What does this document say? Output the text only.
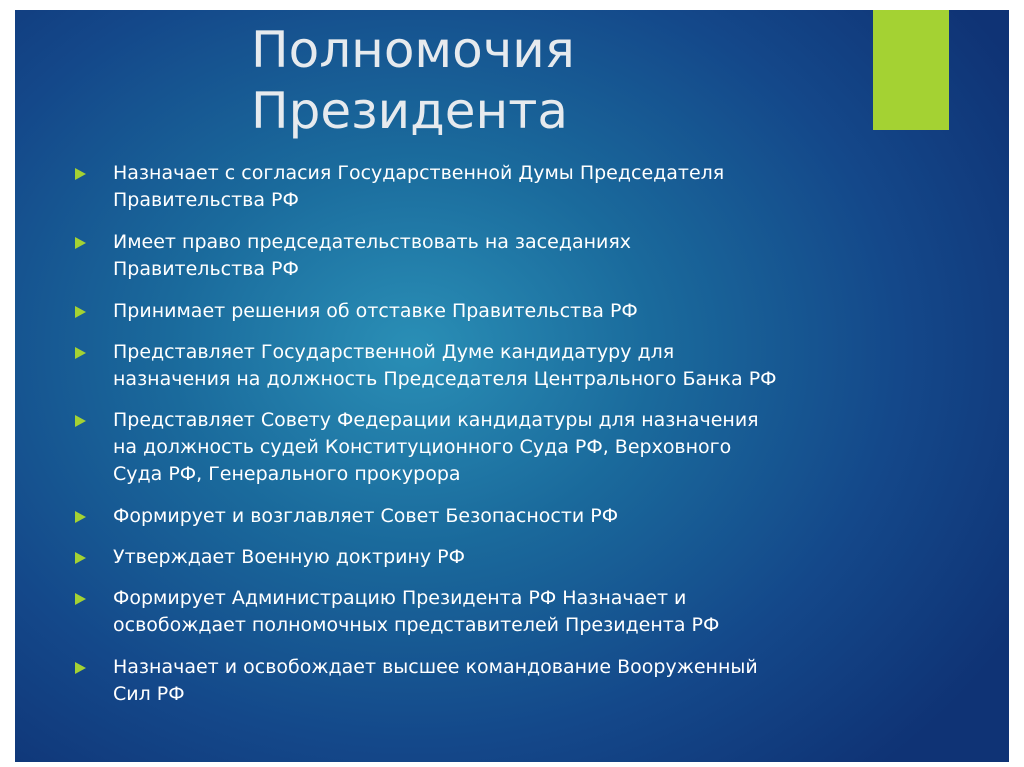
Полномочия
Президента
Назначает с согласия Государственной Думы Председателя
Правительства РФ
Имеет право председательствовать на заседаниях
Правительства РФ
Принимает решения об отставке Правительства РФ
Представляет Государственной Думе кандидатуру для
назначения на должность Председателя Центрального Банка РФ
Представляет Совету Федерации кандидатуры для назначения
на должность судей Конституционного Суда РФ, Верховного
Суда РФ, Генерального прокурора
Формирует и возглавляет Совет Безопасности РФ
Утверждает Военную доктрину РФ
Формирует Администрацию Президента РФ Назначает и
освобождает полномочных представителей Президента РФ
Назначает и освобождает высшее командование Вооруженный
Сил РФ
